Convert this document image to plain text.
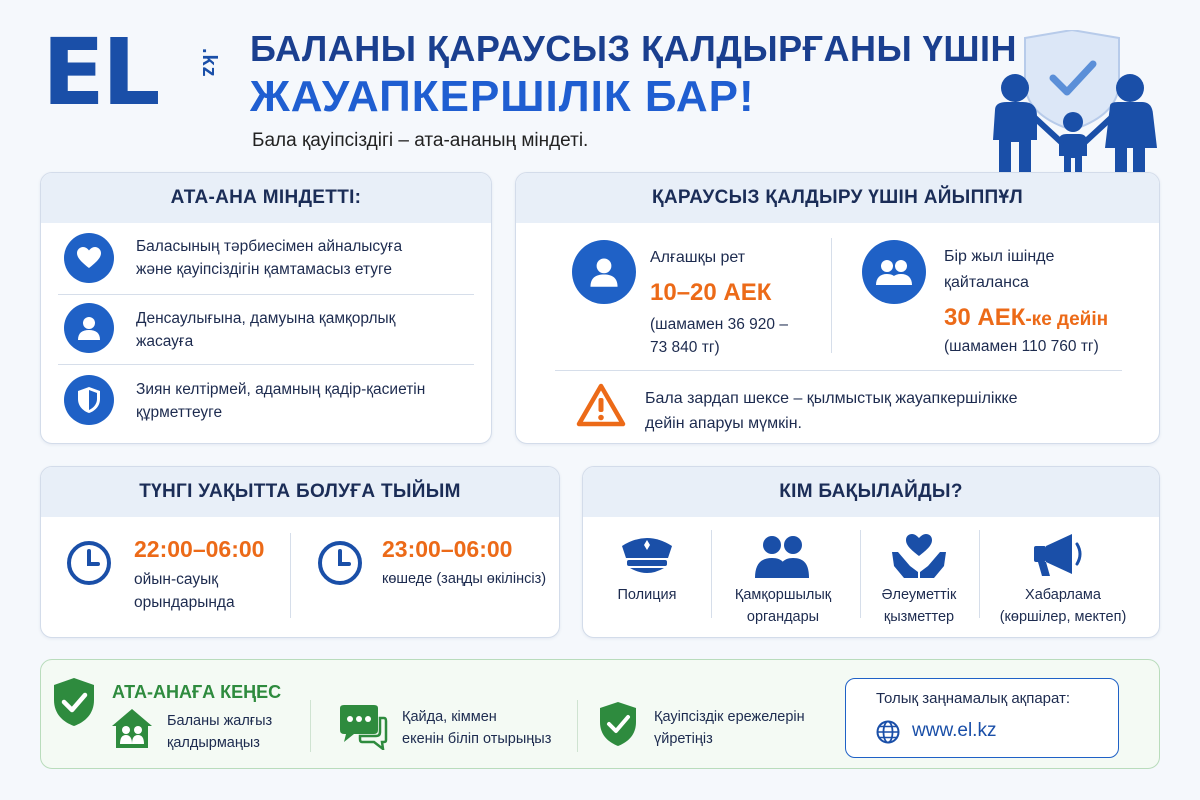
EL .kz БАЛАНЫ ҚАРАУСЫЗ ҚАЛДЫРҒАНЫ ҮШІН
ЖАУАПКЕРШІЛІК БАР!
Бала қауіпсіздігі – ата-ананың міндеті.
АТА-АНА МІНДЕТТІ:
Баласының тәрбиесімен айналысуға
және қауіпсіздігін қамтамасыз етуге
Денсаулығына, дамуына қамқорлық
жасауға
Зиян келтірмей, адамның қадір-қасиетін
құрметтеуге
ҚАРАУСЫЗ ҚАЛДЫРУ ҮШІН АЙЫППҰЛ
Алғашқы рет
10–20 АЕК
(шамамен 36 920 –
73 840 тг)
Бір жыл ішінде
қайталанса
30 АЕК-ке дейін
(шамамен 110 760 тг)
Бала зардап шексе – қылмыстық жауапкершілікке
дейін апаруы мүмкін.
ТҮНГІ УАҚЫТТА БОЛУҒА ТЫЙЫМ
22:00–06:00
ойын-сауық
орындарында
23:00–06:00
көшеде (заңды өкілінсіз)
КІМ БАҚЫЛАЙДЫ?
Полиция	Қамқоршылық
органдары
Әлеуметтік
қызметтер
Хабарлама
(көршілер, мектеп)
АТА-АНАҒА КЕҢЕС
Баланы жалғыз
қалдырмаңыз
Қайда, кіммен
екенін біліп отырыңыз
Қауіпсіздік ережелерін
үйретіңіз
Толық заңнамалық ақпарат:
www.el.kz
